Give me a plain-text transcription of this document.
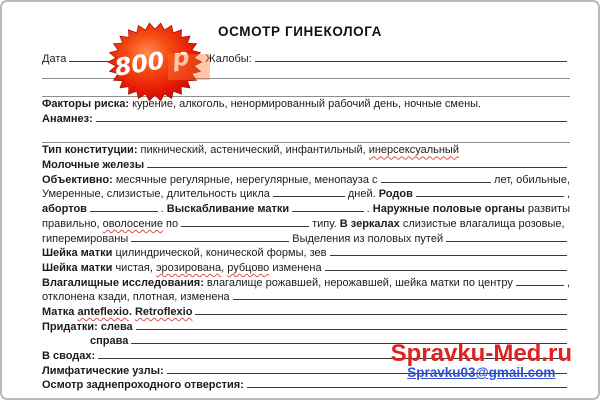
ОСМОТР ГИНЕКОЛОГА
Дата	Жалобы:
Факторы риска: курение, алкоголь, ненормированный рабочий день, ночные смены.
Анамнез:
Тип конституции: пикнический, астенический, инфантильный, инерсексуальный
Молочные железы
Объективно: месячные регулярные, нерегулярные, менопауза с	лет, обильные,
Умеренные, слизистые, длительность цикла	дней. Родов	,
абортов	. Выскабливание матки	. Наружные половые органы развиты
правильно, оволосение по	типу. В зеркалах слизистые влагалища розовые,
гиперемированы	Выделения из половых путей
Шейка матки цилиндрической, конической формы, зев
Шейка матки чистая, эрозирована , рубцово изменена
Влагалищные исследования: влагалище рожавшей, нерожавшей, шейка матки по центру	,
отклонена кзади, плотная, изменена
Матка anteflexio . Retroflexio
Придатки: слева
справа
В сводах:
Лимфатические узлы:
Осмотр заднепроходного отверстия:
800 р
Spravku-Med.ru
Spravku03@gmail.com
